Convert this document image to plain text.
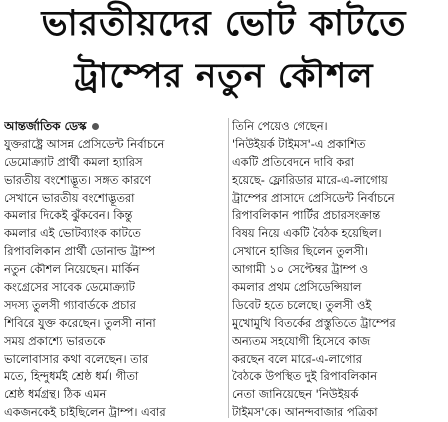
ভারতীয়দের ভোট কাটতে
ট্রাম্পের নতুন কৌশল
আন্তর্জাতিক ডেস্ক
যুক্তরাষ্ট্রে আসন্ন প্রেসিডেন্ট নির্বাচনে
ডেমোক্র্যাট প্রার্থী কমলা হ্যারিস
ভারতীয় বংশোদ্ভূত। সঙ্গত কারণে
সেখানে ভারতীয় বংশোদ্ভূতরা
কমলার দিকেই ঝুঁকবেন। কিন্তু
কমলার এই ভোটব্যাংক কাটতে
রিপাবলিকান প্রার্থী ডোনাল্ড ট্রাম্প
নতুন কৌশল নিয়েছেন। মার্কিন
কংগ্রেসের সাবেক ডেমোক্র্যাট
সদস্য তুলসী গ্যাবার্ডকে প্রচার
শিবিরে যুক্ত করেছেন। তুলসী নানা
সময় প্রকাশ্যে ভারতকে
ভালোবাসার কথা বলেছেন। তার
মতে, হিন্দুধর্মই শ্রেষ্ঠ ধর্ম। গীতা
শ্রেষ্ঠ ধর্মগ্রন্থ। ঠিক এমন
একজনকেই চাইছিলেন ট্রাম্প। এবার
তিনি পেয়েও গেছেন।
'নিউইয়র্ক টাইমস'-এ প্রকাশিত
একটি প্রতিবেদনে দাবি করা
হয়েছে- ফ্লোরিডার মারে-এ-লাগোয়
ট্রাম্পের প্রাসাদে প্রেসিডেন্ট নির্বাচনে
রিপাবলিকান পার্টির প্রচারসংক্রান্ত
বিষয় নিয়ে একটি বৈঠক হয়েছিল।
সেখানে হাজির ছিলেন তুলসী।
আগামী ১০ সেপ্টেম্বর ট্রাম্প ও
কমলার প্রথম প্রেসিডেন্সিয়াল
ডিবেট হতে চলেছে। তুলসী ওই
মুখোমুখি বিতর্কের প্রস্তুতিতে ট্রাম্পের
অন্যতম সহযোগী হিসেবে কাজ
করছেন বলে মারে-এ-লাগোর
বৈঠকে উপস্থিত দুই রিপাবলিকান
নেতা জানিয়েছেন 'নিউইয়র্ক
টাইমস'কে। আনন্দবাজার পত্রিকা
